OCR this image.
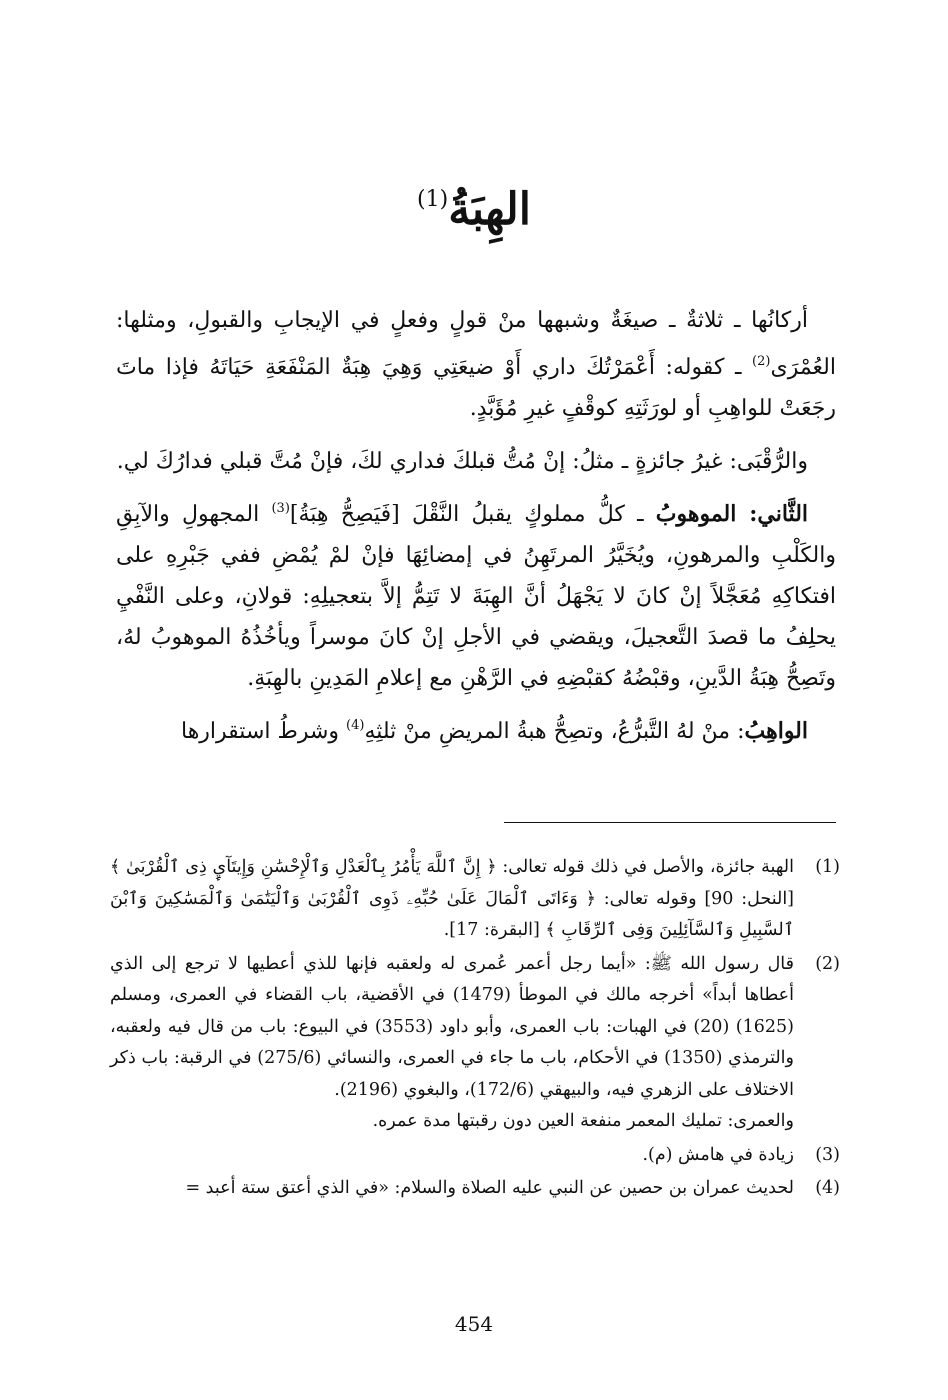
الهِبَةُ$^{(1)}$

أركانُها ـ ثلاثةٌ ـ صيغَةٌ وشبهها منْ قولٍ وفعلٍ في الإيجابِ والقبولِ، ومثلها: العُمْرَى$^{(2)}$ ـ كقوله: أَعْمَرْتُكَ داري أَوْ ضيعَتِي وَهِيَ هِبَةٌ المَنْفَعَةِ حَيَاتَهُ فإذا ماتَ رجَعَتْ للواهِبِ أو لورَثَتِهِ كوقْفٍ غيرِ مُؤَبَّدٍ.

والرُّقْبَى: غيرُ جائزةٍ ـ مثلُ: إنْ مُتُّ قبلكَ فداري لكَ، فإنْ مُتَّ قبلي فدارُكَ لي.

الثَّاني: الموهوبُ ـ كلُّ مملوكٍ يقبلُ النَّقْلَ [فَيَصِحُّ هِبَةُ]$^{(3)}$ المجهولِ والآبِقِ والكَلْبِ والمرهونِ، ويُخَيَّرُ المرتَهِنُ في إمضائِهَا فإنْ لمْ يُمْضِ ففي جَبْرِهِ على افتكاكِهِ مُعَجَّلاً إنْ كانَ لا يَجْهَلُ أنَّ الهِبَةَ لا تَتِمُّ إلاَّ بتعجيلِهِ: قولانِ، وعلى النَّفْيِ يحلِفُ ما قصدَ التَّعجيلَ، ويقضي في الأجلِ إنْ كانَ موسراً ويأخُذُهُ الموهوبُ لهُ، وتَصِحُّ هِبَةُ الدَّينِ، وقبْضُهُ كقبْضِهِ في الرَّهْنِ مع إعلامِ المَدِينِ بالهِبَةِ.

الواهِبُ: منْ لهُ التَّبرُّعُ، وتصِحُّ هبةُ المريضِ منْ ثلثِهِ$^{(4)}$ وشرطُ استقرارها

(1)
الهبة جائزة، والأصل في ذلك قوله تعالى: ﴿ إِنَّ ٱللَّهَ يَأْمُرُ بِٱلْعَدْلِ وَٱلْإِحْسَٰنِ وَإِيتَآيِٕ ذِى ٱلْقُرْبَىٰ ﴾ [النحل: 90] وقوله تعالى: ﴿ وَءَاتَى ٱلْمَالَ عَلَىٰ حُبِّهِۦ ذَوِى ٱلْقُرْبَىٰ وَٱلْيَتَٰمَىٰ وَٱلْمَسَٰكِينَ وَٱبْنَ ٱلسَّبِيلِ وَٱلسَّآئِلِينَ وَفِى ٱلرِّقَابِ ﴾ [البقرة: 17].
(2)
قال رسول الله ﷺ: «أيما رجل أعمر عُمرى له ولعقبه فإنها للذي أعطيها لا ترجع إلى الذي أعطاها أبداً» أخرجه مالك في الموطأ (1479) في الأقضية، باب القضاء في العمرى، ومسلم (1625) (20) في الهبات: باب العمرى، وأبو داود (3553) في البيوع: باب من قال فيه ولعقبه، والترمذي (1350) في الأحكام، باب ما جاء في العمرى، والنسائي (275/6) في الرقبة: باب ذكر الاختلاف على الزهري فيه، والبيهقي (172/6)، والبغوي (2196).
والعمرى: تمليك المعمر منفعة العين دون رقبتها مدة عمره.
(3)
زيادة في هامش (م).
(4)
لحديث عمران بن حصين عن النبي عليه الصلاة والسلام: «في الذي أعتق ستة أعبد =
454
